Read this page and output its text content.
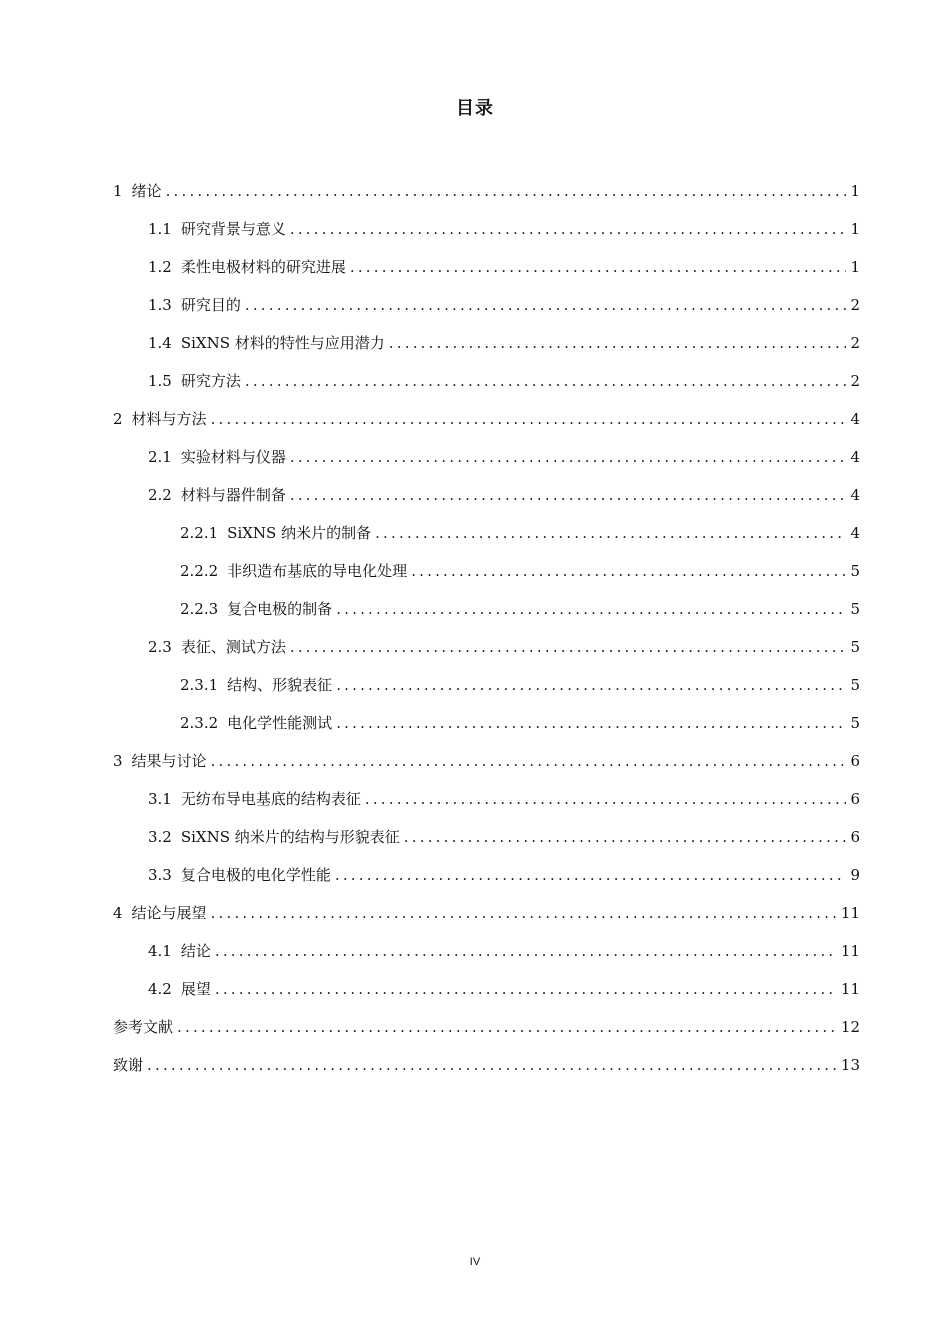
目录
1 绪论 .....	1
1.1 研究背景与意义 .....	1
1.2 柔性电极材料的研究进展 .....	1
1.3 研究目的 .....	2
1.4 SiXNS 材料的特性与应用潜力 .....	2
1.5 研究方法 .....	2
2 材料与方法 .....	4
2.1 实验材料与仪器 .....	4
2.2 材料与器件制备 .....	4
2.2.1 SiXNS 纳米片的制备 .....	4
2.2.2 非织造布基底的导电化处理 .....	5
2.2.3 复合电极的制备 .....	5
2.3 表征、测试方法 .....	5
2.3.1 结构、形貌表征 .....	5
2.3.2 电化学性能测试 .....	5
3 结果与讨论 .....	6
3.1 无纺布导电基底的结构表征 .....	6
3.2 SiXNS 纳米片的结构与形貌表征 .....	6
3.3 复合电极的电化学性能 .....	9
4 结论与展望 .....	11
4.1 结论 .....	11
4.2 展望 .....	11
参考文献 .....	12
致谢 .....	13
IV
